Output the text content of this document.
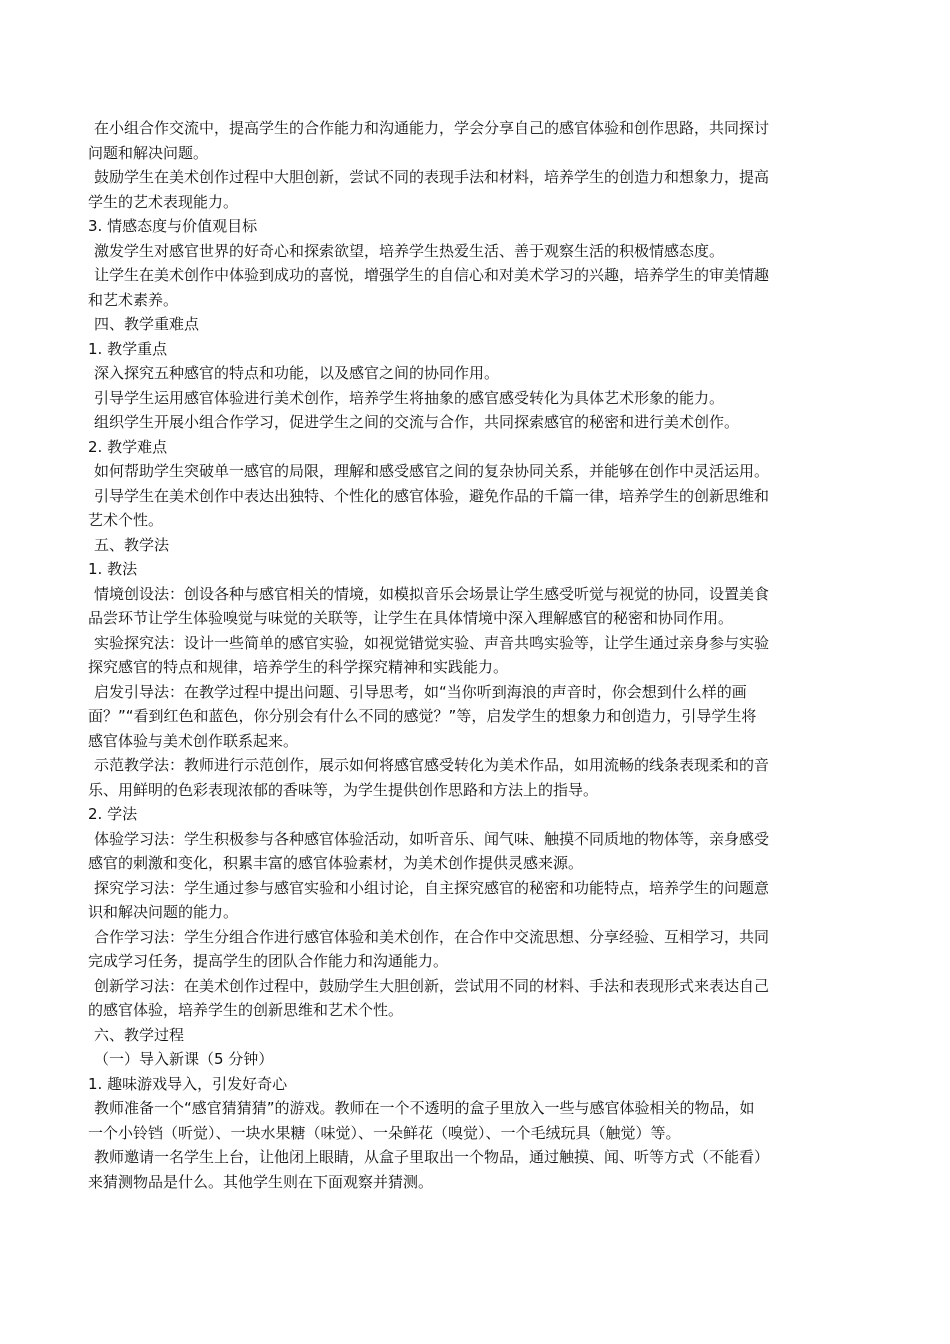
在小组合作交流中，提高学生的合作能力和沟通能力，学会分享自己的感官体验和创作思路，共同探讨

问题和解决问题。

鼓励学生在美术创作过程中大胆创新，尝试不同的表现手法和材料，培养学生的创造力和想象力，提高

学生的艺术表现能力。

3. 情感态度与价值观目标

激发学生对感官世界的好奇心和探索欲望，培养学生热爱生活、善于观察生活的积极情感态度。

让学生在美术创作中体验到成功的喜悦，增强学生的自信心和对美术学习的兴趣，培养学生的审美情趣

和艺术素养。

四、教学重难点

1. 教学重点

深入探究五种感官的特点和功能，以及感官之间的协同作用。

引导学生运用感官体验进行美术创作，培养学生将抽象的感官感受转化为具体艺术形象的能力。

组织学生开展小组合作学习，促进学生之间的交流与合作，共同探索感官的秘密和进行美术创作。

2. 教学难点

如何帮助学生突破单一感官的局限，理解和感受感官之间的复杂协同关系，并能够在创作中灵活运用。

引导学生在美术创作中表达出独特、个性化的感官体验，避免作品的千篇一律，培养学生的创新思维和

艺术个性。

五、教学法

1. 教法

情境创设法：创设各种与感官相关的情境，如模拟音乐会场景让学生感受听觉与视觉的协同，设置美食

品尝环节让学生体验嗅觉与味觉的关联等，让学生在具体情境中深入理解感官的秘密和协同作用。

实验探究法：设计一些简单的感官实验，如视觉错觉实验、声音共鸣实验等，让学生通过亲身参与实验

探究感官的特点和规律，培养学生的科学探究精神和实践能力。

启发引导法：在教学过程中提出问题、引导思考，如“当你听到海浪的声音时，你会想到什么样的画

面？”“看到红色和蓝色，你分别会有什么不同的感觉？”等，启发学生的想象力和创造力，引导学生将

感官体验与美术创作联系起来。

示范教学法：教师进行示范创作，展示如何将感官感受转化为美术作品，如用流畅的线条表现柔和的音

乐、用鲜明的色彩表现浓郁的香味等，为学生提供创作思路和方法上的指导。

2. 学法

体验学习法：学生积极参与各种感官体验活动，如听音乐、闻气味、触摸不同质地的物体等，亲身感受

感官的刺激和变化，积累丰富的感官体验素材，为美术创作提供灵感来源。

探究学习法：学生通过参与感官实验和小组讨论，自主探究感官的秘密和功能特点，培养学生的问题意

识和解决问题的能力。

合作学习法：学生分组合作进行感官体验和美术创作，在合作中交流思想、分享经验、互相学习，共同

完成学习任务，提高学生的团队合作能力和沟通能力。

创新学习法：在美术创作过程中，鼓励学生大胆创新，尝试用不同的材料、手法和表现形式来表达自己

的感官体验，培养学生的创新思维和艺术个性。

六、教学过程

（一）导入新课（5 分钟）

1. 趣味游戏导入，引发好奇心

教师准备一个“感官猜猜猜”的游戏。教师在一个不透明的盒子里放入一些与感官体验相关的物品，如

一个小铃铛（听觉）、一块水果糖（味觉）、一朵鲜花（嗅觉）、一个毛绒玩具（触觉）等。

教师邀请一名学生上台，让他闭上眼睛，从盒子里取出一个物品，通过触摸、闻、听等方式（不能看）

来猜测物品是什么。其他学生则在下面观察并猜测。
